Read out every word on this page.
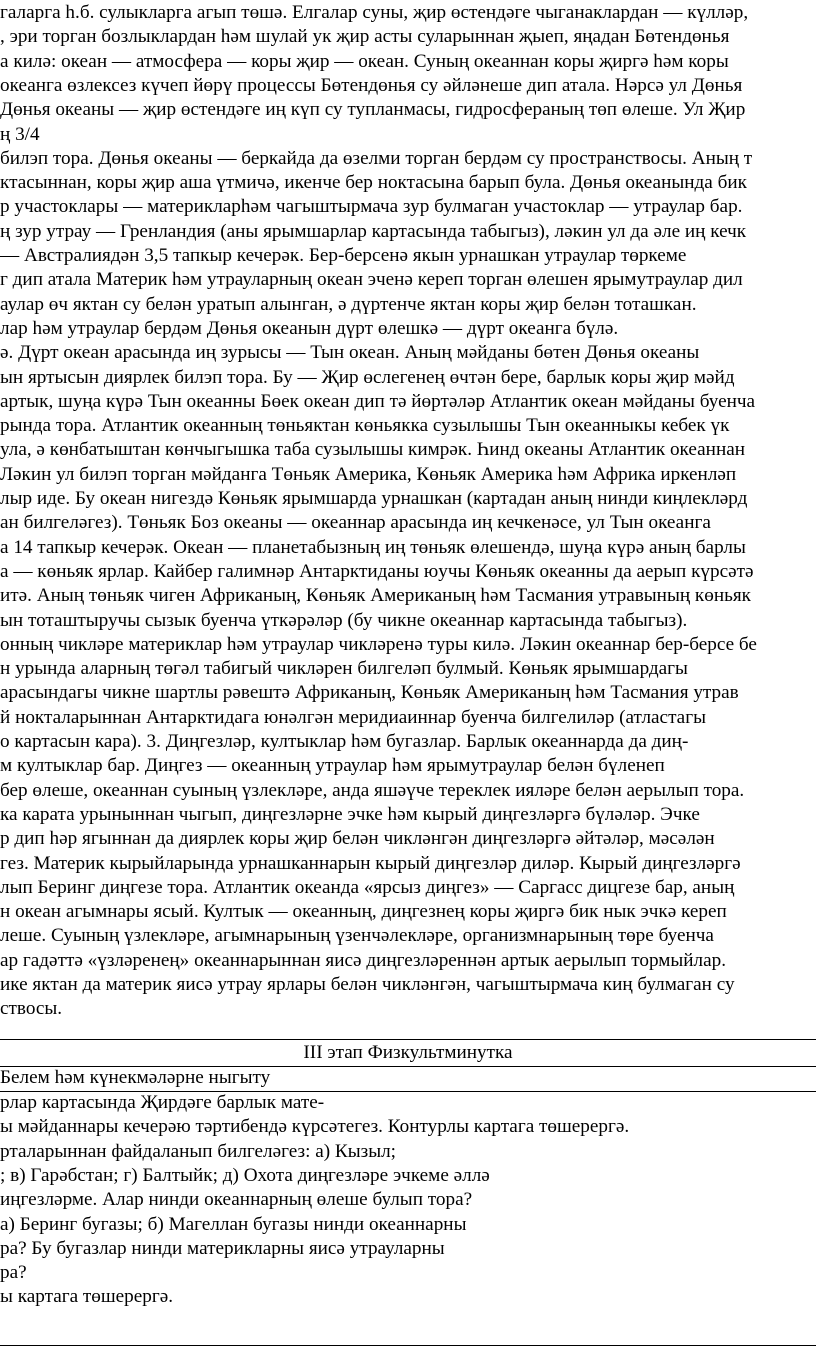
галарга һ.б. сулыкларга агып төшә. Елгалар суны, җир өстендәге чыганаклардан — күлләр,
, эри торган бозлыклардан һәм шулай ук җир асты суларыннан җыеп, яңадан Бөтендөнья
а килә: океан — атмосфера — коры җир — океан. Суның океаннан коры җиргә һәм коры
океанга өзлексез күчеп йөрү процессы Бөтендөнья су әйләнеше дип атала. Нәрсә ул Дөнья
Дөнья океаны — җир өстендәге иң күп су тупланмасы, гидросфераның төп өлеше. Ул Җир
ң 3/4
билэп тора. Дөнья океаны — беркайда да өзелми торган бердәм су пространствосы. Аның т
ктасыннан, коры җир аша үтмичә, икенче бер ноктасына барып була. Дөнья океанында бик
р участоклары — материкларһәм чагыштырмача зур булмаган участоклар — утраулар бар.
ң зур утрау — Гренландия (аны ярымшарлар картасында табыгыз), ләкин ул да әле иң кечк
— Австралиядән 3,5 тапкыр кечерәк. Бер-берсенә якын урнашкан утраулар төркеме
г дип атала Материк һәм утрауларның океан эченә кереп торган өлешен ярымутраулар дил
аулар өч яктан су белән уратып алынган, ә дүртенче яктан коры җир белән тоташкан.
лар һәм утраулар бердәм Дөнья океанын дүрт өлешкә — дүрт океанга бүлә.
ә. Дүрт океан арасында иң зурысы — Тын океан. Аның мәйданы бөтен Дөнья океаны
ын яртысын диярлек билэп тора. Бу — Җир өслегенең өчтән бере, барлык коры җир мәйд
артык, шуңа күрә Тын океанны Бөек океан дип тә йөртәләр Атлантик океан мәйданы буенча
рында тора. Атлантик океанның төньяктан көньякка сузылышы Тын океанныкы кебек үк
ула, ә көнбатыштан көнчыгышка таба сузылышы кимрәк. Һинд океаны Атлантик океаннан
Ләкин ул билэп торган мәйданга Төньяк Америка, Көньяк Америка һәм Африка иркенләп
лыр иде. Бу океан нигездә Көньяк ярымшарда урнашкан (картадан аның нинди киңлекләрд
ан билгеләгез). Төньяк Боз океаны — океаннар арасында иң кечкенәсе, ул Тын океанга
а 14 тапкыр кечерәк. Океан — планетабызның иң төньяк өлешендә, шуңа күрә аның барлы
а — көньяк ярлар. Кайбер галимнәр Антарктиданы юучы Көньяк океанны да аерып күрсәтә
итә. Аның төньяк чиген Африканың, Көньяк Американың һәм Тасмания утравының көньяк
ын тоташтыручы сызык буенча үткәрәләр (бу чикне океаннар картасында табыгыз).
онның чикләре материклар һәм утраулар чикләренә туры килә. Ләкин океаннар бер-берсе бе
н урында аларның төгәл табигый чикләрен билгеләп булмый. Көньяк ярымшардагы
арасындагы чикне шартлы рәвештә Африканың, Көньяк Американың һәм Тасмания утрав
й нокталарыннан Антарктидага юнәлгән меридиаиннар буенча билгелиләр (атластагы
о картасын кара). 3. Диңгезләр, култыклар һәм бугазлар. Барлык океаннарда да диң-
м култыклар бар. Диңгез — океанның утраулар һәм ярымутраулар белән бүленеп
бер өлеше, океаннан суының үзлекләре, анда яшәүче тереклек ияләре белән аерылып тора.
ка карата урыныннан чыгып, диңгезләрне эчке һәм кырый диңгезләргә бүләләр. Эчке
р дип һәр ягыннан да диярлек коры җир белән чикләнгән диңгезләргә әйтәләр, мәсәлән
гез. Материк кырыйларында урнашканнарын кырый диңгезләр диләр. Кырый диңгезләргә
лып Беринг диңгезе тора. Атлантик океанда «ярсыз диңгез» — Саргасс дицгезе бар, аның
н океан агымнары ясый. Култык — океанның, диңгезнең коры җиргә бик нык эчкә кереп
леше. Суының үзлекләре, агымнарының үзенчәлекләре, организмнарының төре буенча
ар гадәттә «үзләренең» океаннарыннан яисә диңгезләреннән артык аерылып тормыйлар.
ике яктан да материк яисә утрау ярлары белән чикләнгән, чагыштырмача киң булмаган су
ствосы.
III этап Физкультминутка
Белем һәм күнекмәләрне ныгыту
рлар картасында Җирдәге барлык мате-
ы мәйданнары кечерәю тәртибендә күрсәтегез. Контурлы картага төшерергә.
рталарыннан файдаланып билгеләгез: а) Кызыл;
; в) Гарәбстан; г) Балтыйк; д) Охота диңгезләре эчкеме әллә
иңгезләрме. Алар нинди океаннарның өлеше булып тора?
а) Беринг бугазы; б) Магеллан бугазы нинди океаннарны
ра? Бу бугазлар нинди материкларны яисә утрауларны
ра?
ы картага төшерергә.
